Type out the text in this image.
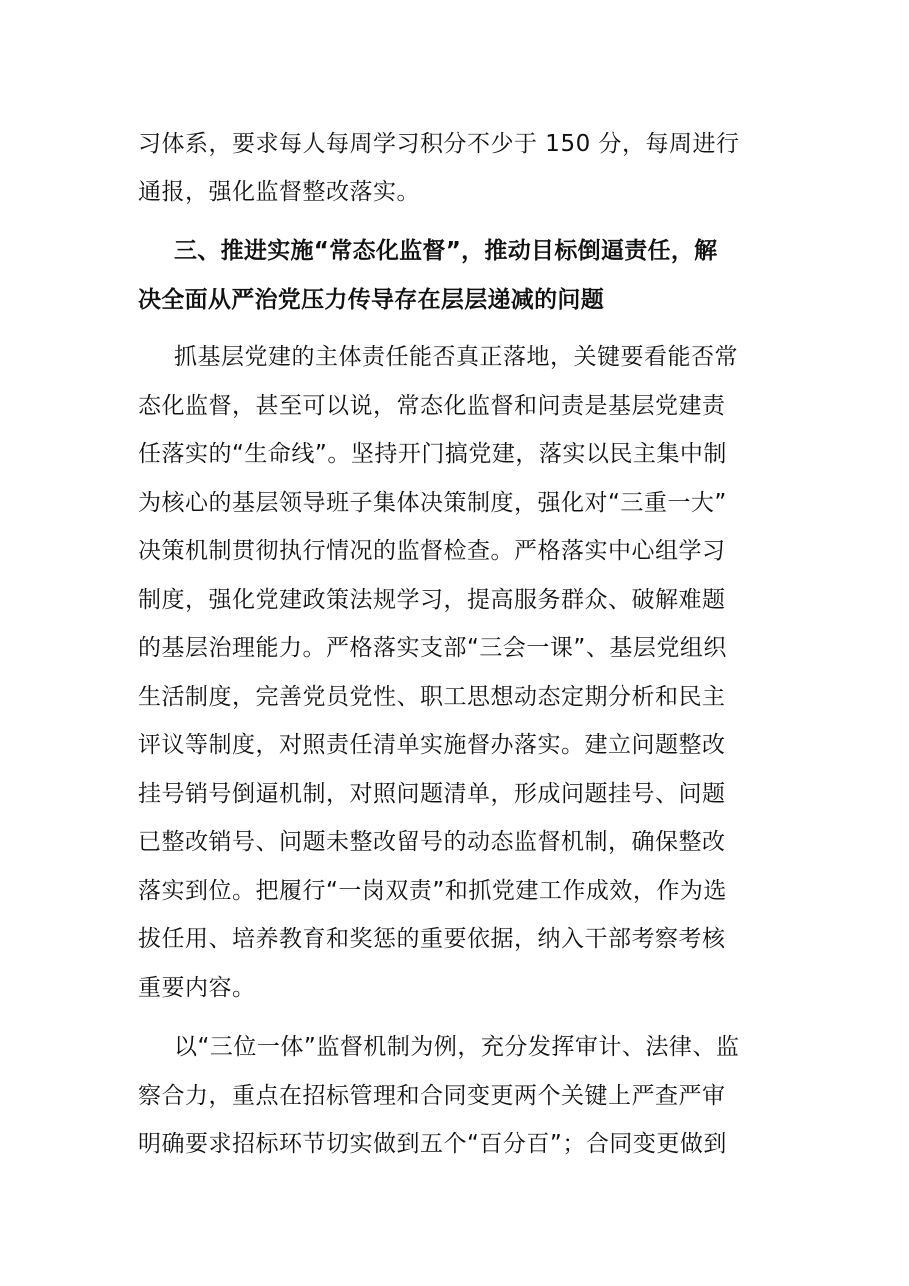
习体系，要求每人每周学习积分不少于 150 分，每周进行
通报，强化监督整改落实。
三、推进实施“常态化监督”，推动目标倒逼责任，解
决全面从严治党压力传导存在层层递减的问题
抓基层党建的主体责任能否真正落地，关键要看能否常
态化监督，甚至可以说，常态化监督和问责是基层党建责
任落实的“生命线”。坚持开门搞党建，落实以民主集中制
为核心的基层领导班子集体决策制度，强化对“三重一大”
决策机制贯彻执行情况的监督检查。严格落实中心组学习
制度，强化党建政策法规学习，提高服务群众、破解难题
的基层治理能力。严格落实支部“三会一课”、基层党组织
生活制度，完善党员党性、职工思想动态定期分析和民主
评议等制度，对照责任清单实施督办落实。建立问题整改
挂号销号倒逼机制，对照问题清单，形成问题挂号、问题
已整改销号、问题未整改留号的动态监督机制，确保整改
落实到位。把履行“一岗双责”和抓党建工作成效，作为选
拔任用、培养教育和奖惩的重要依据，纳入干部考察考核
重要内容。
以“三位一体”监督机制为例，充分发挥审计、法律、监
察合力，重点在招标管理和合同变更两个关键上严查严审
明确要求招标环节切实做到五个“百分百”；合同变更做到
